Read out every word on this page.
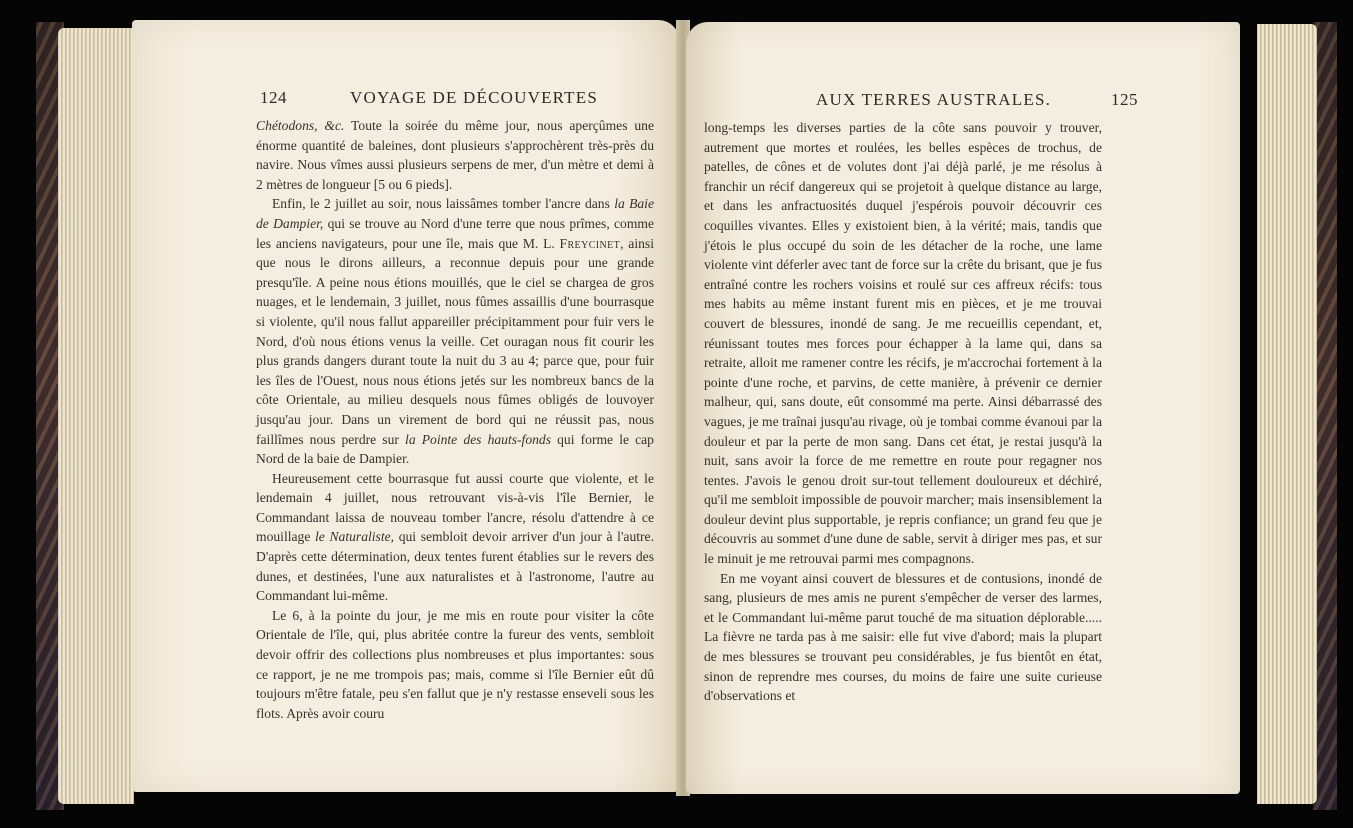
124	VOYAGE DE DÉCOUVERTES

Chétodons, &c. Toute la soirée du même jour, nous aperçûmes une énorme quantité de baleines, dont plusieurs s'approchèrent très-près du navire. Nous vîmes aussi plusieurs serpens de mer, d'un mètre et demi à 2 mètres de longueur [5 ou 6 pieds].

Enfin, le 2 juillet au soir, nous laissâmes tomber l'ancre dans la Baie de Dampier, qui se trouve au Nord d'une terre que nous prîmes, comme les anciens navigateurs, pour une île, mais que M. L. Freycinet, ainsi que nous le dirons ailleurs, a reconnue depuis pour une grande presqu'île. A peine nous étions mouillés, que le ciel se chargea de gros nuages, et le lendemain, 3 juillet, nous fûmes assaillis d'une bourrasque si violente, qu'il nous fallut appareiller précipitamment pour fuir vers le Nord, d'où nous étions venus la veille. Cet ouragan nous fit courir les plus grands dangers durant toute la nuit du 3 au 4; parce que, pour fuir les îles de l'Ouest, nous nous étions jetés sur les nombreux bancs de la côte Orientale, au milieu desquels nous fûmes obligés de louvoyer jusqu'au jour. Dans un virement de bord qui ne réussit pas, nous faillîmes nous perdre sur la Pointe des hauts-fonds qui forme le cap Nord de la baie de Dampier.

Heureusement cette bourrasque fut aussi courte que violente, et le lendemain 4 juillet, nous retrouvant vis-à-vis l'île Bernier, le Commandant laissa de nouveau tomber l'ancre, résolu d'attendre à ce mouillage le Naturaliste, qui sembloit devoir arriver d'un jour à l'autre. D'après cette détermination, deux tentes furent établies sur le revers des dunes, et destinées, l'une aux naturalistes et à l'astronome, l'autre au Commandant lui-même.

Le 6, à la pointe du jour, je me mis en route pour visiter la côte Orientale de l'île, qui, plus abritée contre la fureur des vents, sembloit devoir offrir des collections plus nombreuses et plus importantes: sous ce rapport, je ne me trompois pas; mais, comme si l'île Bernier eût dû toujours m'être fatale, peu s'en fallut que je n'y restasse enseveli sous les flots. Après avoir couru

AUX TERRES AUSTRALES.	125

long-temps les diverses parties de la côte sans pouvoir y trouver, autrement que mortes et roulées, les belles espèces de trochus, de patelles, de cônes et de volutes dont j'ai déjà parlé, je me résolus à franchir un récif dangereux qui se projetoit à quelque distance au large, et dans les anfractuosités duquel j'espérois pouvoir découvrir ces coquilles vivantes. Elles y existoient bien, à la vérité; mais, tandis que j'étois le plus occupé du soin de les détacher de la roche, une lame violente vint déferler avec tant de force sur la crête du brisant, que je fus entraîné contre les rochers voisins et roulé sur ces affreux récifs: tous mes habits au même instant furent mis en pièces, et je me trouvai couvert de blessures, inondé de sang. Je me recueillis cependant, et, réunissant toutes mes forces pour échapper à la lame qui, dans sa retraite, alloit me ramener contre les récifs, je m'accrochai fortement à la pointe d'une roche, et parvins, de cette manière, à prévenir ce dernier malheur, qui, sans doute, eût consommé ma perte. Ainsi débarrassé des vagues, je me traînai jusqu'au rivage, où je tombai comme évanoui par la douleur et par la perte de mon sang. Dans cet état, je restai jusqu'à la nuit, sans avoir la force de me remettre en route pour regagner nos tentes. J'avois le genou droit sur-tout tellement douloureux et déchiré, qu'il me sembloit impossible de pouvoir marcher; mais insensiblement la douleur devint plus supportable, je repris confiance; un grand feu que je découvris au sommet d'une dune de sable, servit à diriger mes pas, et sur le minuit je me retrouvai parmi mes compagnons.

En me voyant ainsi couvert de blessures et de contusions, inondé de sang, plusieurs de mes amis ne purent s'empêcher de verser des larmes, et le Commandant lui-même parut touché de ma situation déplorable..... La fièvre ne tarda pas à me saisir: elle fut vive d'abord; mais la plupart de mes blessures se trouvant peu considérables, je fus bientôt en état, sinon de reprendre mes courses, du moins de faire une suite curieuse d'observations et
